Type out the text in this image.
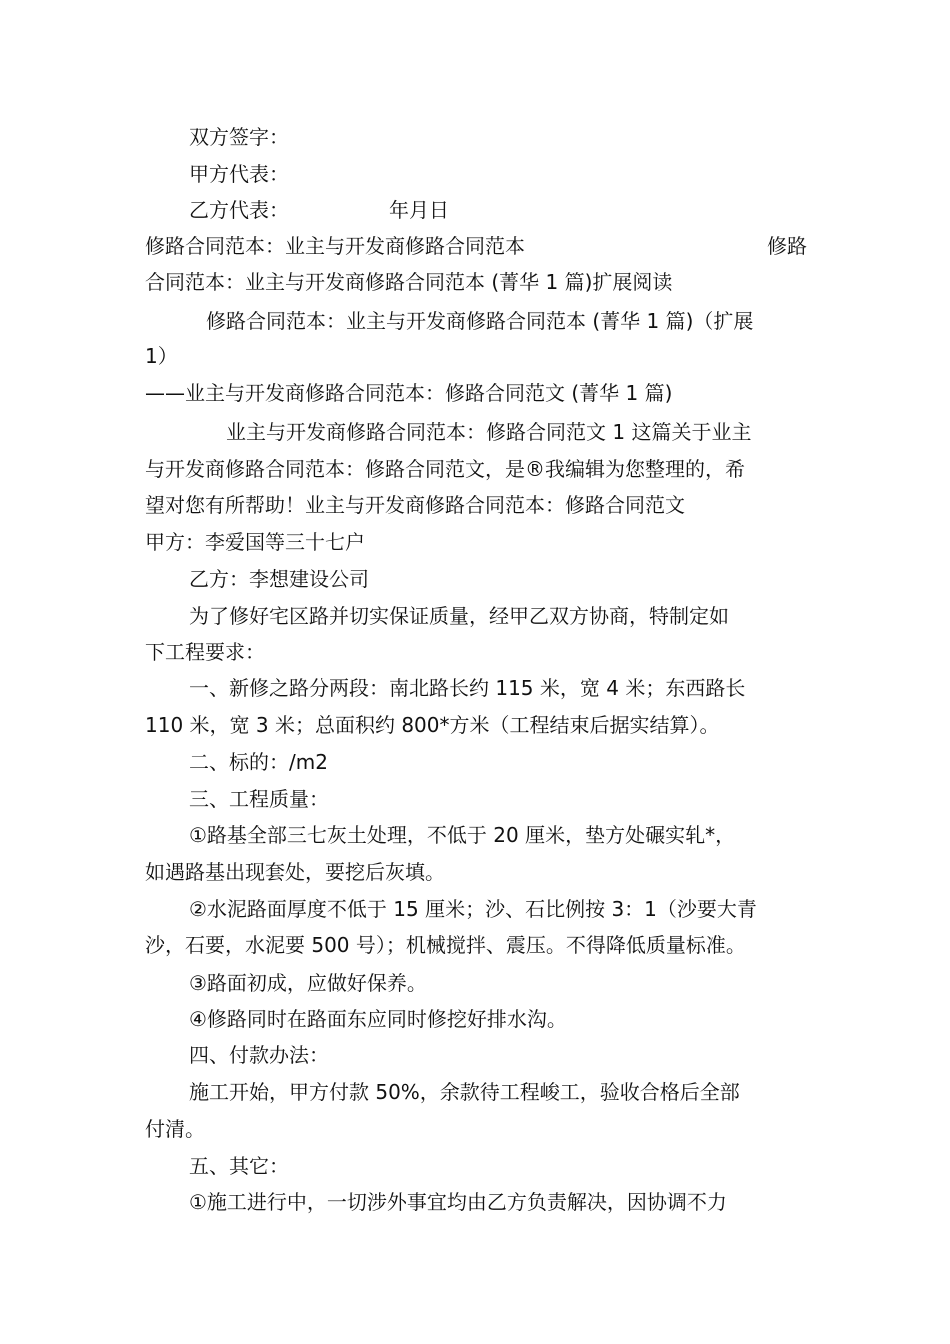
双方签字：
甲方代表：
乙方代表：	年月日
修路合同范本：业主与开发商修路合同范本	修路
合同范本：业主与开发商修路合同范本 (菁华 1 篇)扩展阅读
修路合同范本：业主与开发商修路合同范本 (菁华 1 篇)（扩展
1）
——业主与开发商修路合同范本：修路合同范文 (菁华 1 篇)
业主与开发商修路合同范本：修路合同范文 1 这篇关于业主
与开发商修路合同范本：修路合同范文，是®我编辑为您整理的，希
望对您有所帮助！业主与开发商修路合同范本：修路合同范文
甲方：李爱国等三十七户
乙方：李想建设公司
为了修好宅区路并切实保证质量，经甲乙双方协商，特制定如
下工程要求：
一、新修之路分两段：南北路长约 115 米，宽 4 米；东西路长
110 米，宽 3 米；总面积约 800*方米（工程结束后据实结算）。
二、标的：/m2
三、工程质量：
①路基全部三七灰土处理，不低于 20 厘米，垫方处碾实轧*，
如遇路基出现套处，要挖后灰填。
②水泥路面厚度不低于 15 厘米；沙、石比例按 3：1（沙要大青
沙，石要，水泥要 500 号）；机械搅拌、震压。不得降低质量标准。
③路面初成，应做好保养。
④修路同时在路面东应同时修挖好排水沟。
四、付款办法：
施工开始，甲方付款 50%，余款待工程峻工，验收合格后全部
付清。
五、其它：
①施工进行中，一切涉外事宜均由乙方负责解决，因协调不力
